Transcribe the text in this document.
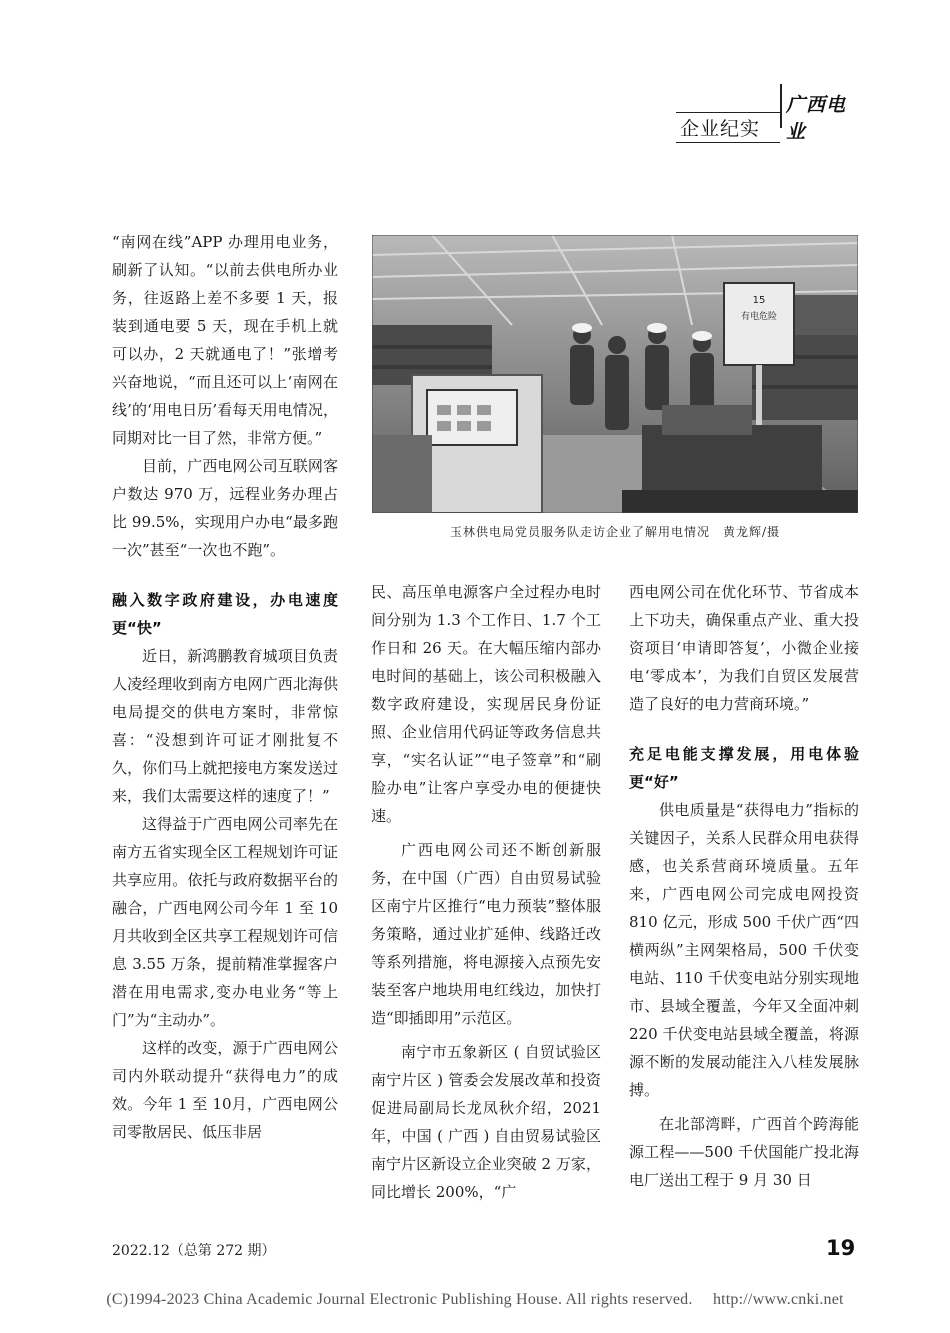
广西电业
企业纪实

“南网在线”APP 办理用电业务，刷新了认知。“以前去供电所办业务，往返路上差不多要 1 天，报装到通电要 5 天，现在手机上就可以办，2 天就通电了！”张增考兴奋地说，“而且还可以上‘南网在线’的‘用电日历’看每天用电情况，同期对比一目了然，非常方便。”

目前，广西电网公司互联网客户数达 970 万，远程业务办理占比 99.5%，实现用户办电“最多跑一次”甚至“一次也不跑”。

融入数字政府建设，办电速度更“快”

近日，新鸿鹏教育城项目负责人凌经理收到南方电网广西北海供电局提交的供电方案时，非常惊喜：“没想到许可证才刚批复不久，你们马上就把接电方案发送过来，我们太需要这样的速度了！”

这得益于广西电网公司率先在南方五省实现全区工程规划许可证共享应用。依托与政府数据平台的融合，广西电网公司今年 1 至 10 月共收到全区共享工程规划许可信息 3.55 万条，提前精准掌握客户潜在用电需求,变办电业务“等上门”为“主动办”。

这样的改变，源于广西电网公司内外联动提升“获得电力”的成效。今年 1 至 10月，广西电网公司零散居民、低压非居

15
有电危险
玉林供电局党员服务队走访企业了解用电情况　黄龙辉/摄

民、高压单电源客户全过程办电时间分别为 1.3 个工作日、1.7 个工作日和 26 天。在大幅压缩内部办电时间的基础上，该公司积极融入数字政府建设，实现居民身份证照、企业信用代码证等政务信息共享，“实名认证”“电子签章”和“刷脸办电”让客户享受办电的便捷快速。

广西电网公司还不断创新服务，在中国（广西）自由贸易试验区南宁片区推行“电力预装”整体服务策略，通过业扩延伸、线路迁改等系列措施，将电源接入点预先安装至客户地块用电红线边，加快打造“即插即用”示范区。

南宁市五象新区 ( 自贸试验区南宁片区 ) 管委会发展改革和投资促进局副局长龙凤秋介绍，2021 年，中国 ( 广西 ) 自由贸易试验区南宁片区新设立企业突破 2 万家，同比增长 200%，“广

西电网公司在优化环节、节省成本上下功夫，确保重点产业、重大投资项目‘申请即答复’，小微企业接电‘零成本’，为我们自贸区发展营造了良好的电力营商环境。”

充足电能支撑发展，用电体验更“好”

供电质量是“获得电力”指标的关键因子，关系人民群众用电获得感，也关系营商环境质量。五年来，广西电网公司完成电网投资 810 亿元，形成 500 千伏广西“四横两纵”主网架格局，500 千伏变电站、110 千伏变电站分别实现地市、县域全覆盖，今年又全面冲刺 220 千伏变电站县域全覆盖，将源源不断的发展动能注入八桂发展脉搏。

在北部湾畔，广西首个跨海能源工程——500 千伏国能广投北海电厂送出工程于 9 月 30 日

2022.12（总第 272 期）	19
(C)1994-2023 China Academic Journal Electronic Publishing House. All rights reserved.　 http://www.cnki.net
